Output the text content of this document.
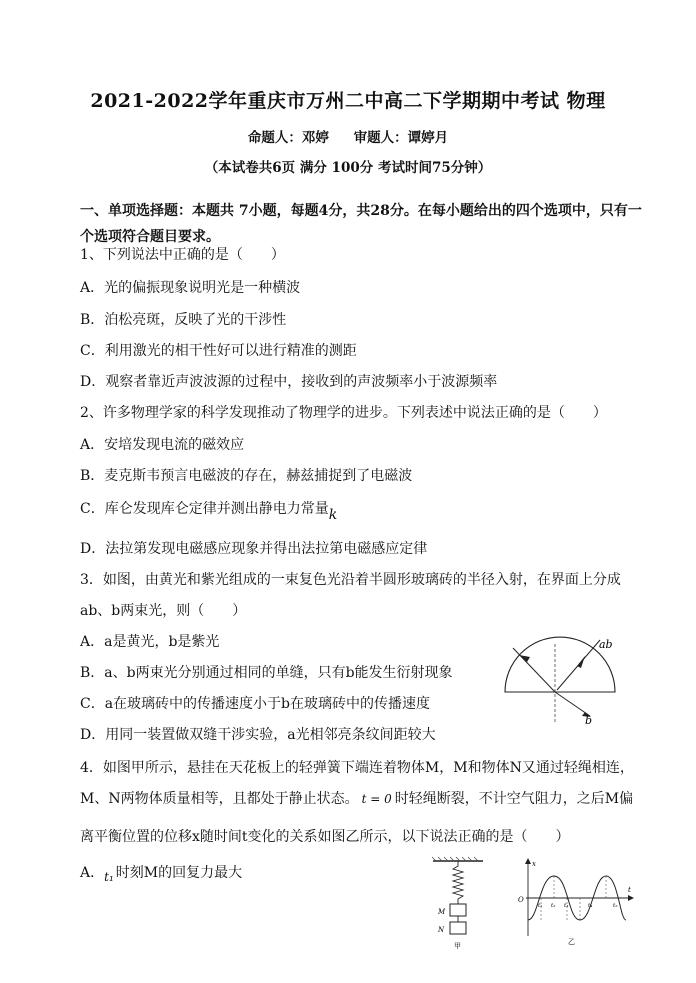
2021-2022学年重庆市万州二中高二下学期期中考试 物理
命题人：邓婷 审题人：谭婷月
（本试卷共6页 满分 100分 考试时间75分钟）
一、单项选择题：本题共 7小题，每题4分，共28分。在每小题给出的四个选项中，只有一个选项符合题目要求。
1、下列说法中正确的是（　　）
A．光的偏振现象说明光是一种横波
B．泊松亮斑，反映了光的干涉性
C．利用激光的相干性好可以进行精准的测距
D．观察者靠近声波波源的过程中，接收到的声波频率小于波源频率
2、许多物理学家的科学发现推动了物理学的进步。下列表述中说法正确的是（　　）
A．安培发现电流的磁效应
B．麦克斯韦预言电磁波的存在，赫兹捕捉到了电磁波
C．库仑发现库仑定律并测出静电力常量k
D．法拉第发现电磁感应现象并得出法拉第电磁感应定律
3．如图，由黄光和紫光组成的一束复色光沿着半圆形玻璃砖的半径入射，在界面上分成
ab、b两束光，则（　　）
A．a是黄光，b是紫光
B．a、b两束光分别通过相同的单缝，只有b能发生衍射现象
C．a在玻璃砖中的传播速度小于b在玻璃砖中的传播速度
D．用同一装置做双缝干涉实验，a光相邻亮条纹间距较大
ab
b
4．如图甲所示，悬挂在天花板上的轻弹簧下端连着物体M，M和物体N又通过轻绳相连，
M、N两物体质量相等，且都处于静止状态。 t = 0 时轻绳断裂，不计空气阻力，之后M偏
离平衡位置的位移x随时间t变化的关系如图乙所示，以下说法正确的是（　　）
A．t₁ 时刻M的回复力最大
M
N
甲
x
t
O
t₁ t₂ t₃	t₄	t₅
乙
